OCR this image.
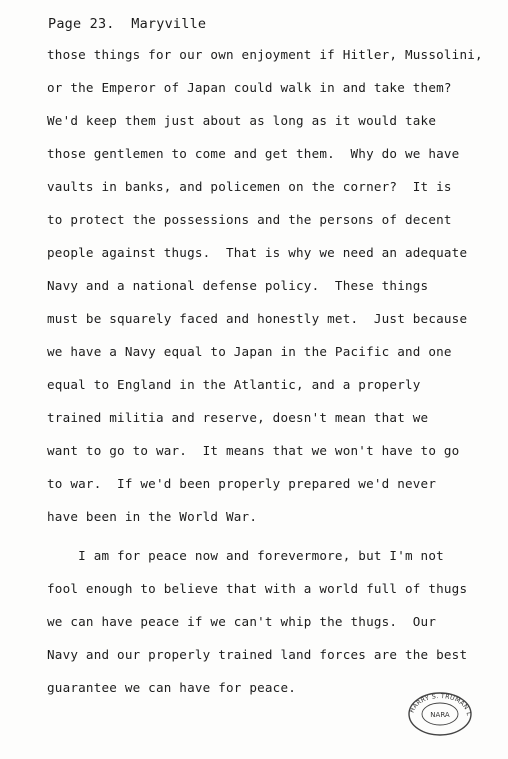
Page 23. Maryville
those things for our own enjoyment if Hitler, Mussolini,
or the Emperor of Japan could walk in and take them?
We'd keep them just about as long as it would take
those gentlemen to come and get them.  Why do we have
vaults in banks, and policemen on the corner?  It is
to protect the possessions and the persons of decent
people against thugs.  That is why we need an adequate
Navy and a national defense policy.  These things
must be squarely faced and honestly met.  Just because
we have a Navy equal to Japan in the Pacific and one
equal to England in the Atlantic, and a properly
trained militia and reserve, doesn't mean that we
want to go to war.  It means that we won't have to go
to war.  If we'd been properly prepared we'd never
have been in the World War.
I am for peace now and forevermore, but I'm not
fool enough to believe that with a world full of thugs
we can have peace if we can't whip the thugs.  Our
Navy and our properly trained land forces are the best
guarantee we can have for peace.
HARRY S. TRUMAN L
NARA
